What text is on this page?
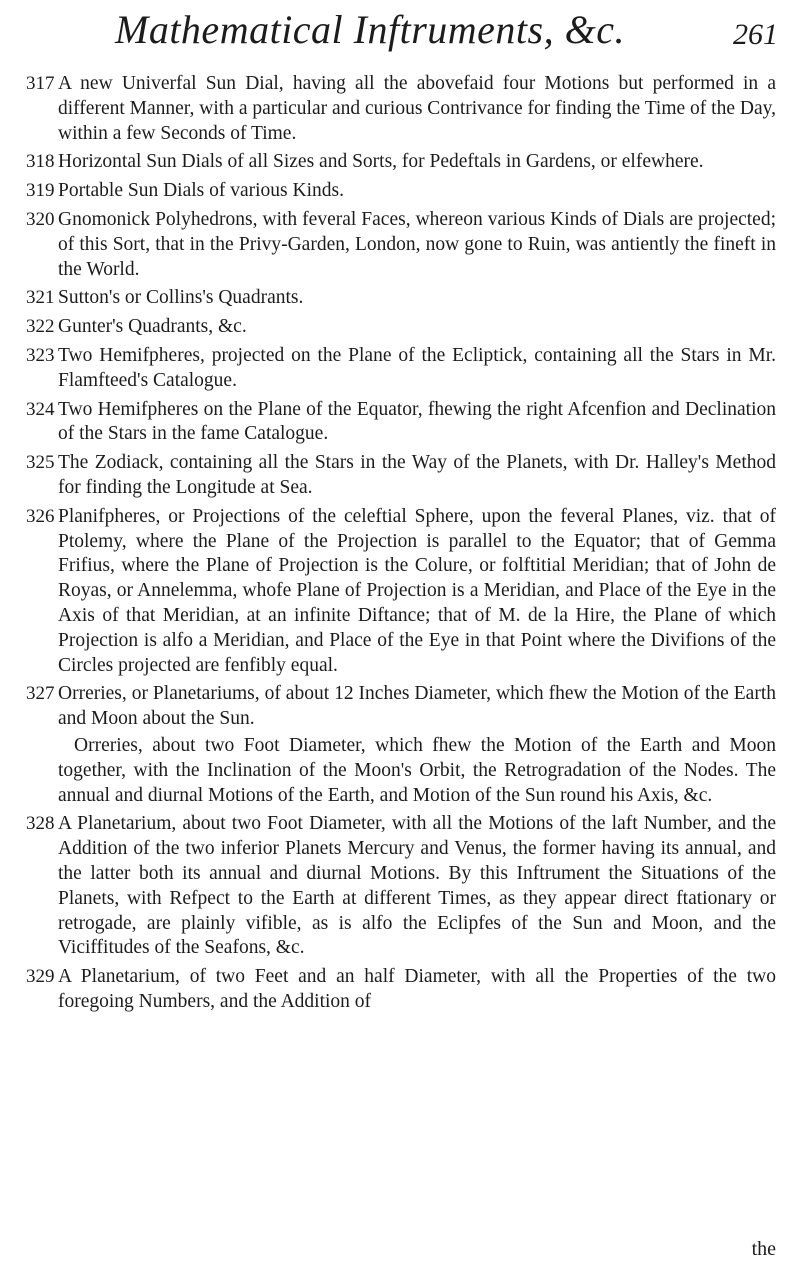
Mathematical Inftruments, &c.	261
317 A new Univerfal Sun Dial, having all the abovefaid four Motions but performed in a different Manner, with a particular and curious Contrivance for finding the Time of the Day, within a few Seconds of Time.
318 Horizontal Sun Dials of all Sizes and Sorts, for Pedeftals in Gardens, or elfewhere.
319 Portable Sun Dials of various Kinds.
320 Gnomonick Polyhedrons, with feveral Faces, whereon various Kinds of Dials are projected; of this Sort, that in the Privy-Garden, London, now gone to Ruin, was antiently the fineft in the World.
321 Sutton's or Collins's Quadrants.
322 Gunter's Quadrants, &c.
323 Two Hemifpheres, projected on the Plane of the Ecliptick, containing all the Stars in Mr. Flamfteed's Catalogue.
324 Two Hemifpheres on the Plane of the Equator, fhewing the right Afcenfion and Declination of the Stars in the fame Catalogue.
325 The Zodiack, containing all the Stars in the Way of the Planets, with Dr. Halley's Method for finding the Longitude at Sea.
326 Planifpheres, or Projections of the celeftial Sphere, upon the feveral Planes, viz. that of Ptolemy, where the Plane of the Projection is parallel to the Equator; that of Gemma Frifius, where the Plane of Projection is the Colure, or folftitial Meridian; that of John de Royas, or Annelemma, whofe Plane of Projection is a Meridian, and Place of the Eye in the Axis of that Meridian, at an infinite Diftance; that of M. de la Hire, the Plane of which Projection is alfo a Meridian, and Place of the Eye in that Point where the Divifions of the Circles projected are fenfibly equal.
327 Orreries, or Planetariums, of about 12 Inches Diameter, which fhew the Motion of the Earth and Moon about the Sun.
Orreries, about two Foot Diameter, which fhew the Motion of the Earth and Moon together, with the Inclination of the Moon's Orbit, the Retrogradation of the Nodes. The annual and diurnal Motions of the Earth, and Motion of the Sun round his Axis, &c.
328 A Planetarium, about two Foot Diameter, with all the Motions of the laft Number, and the Addition of the two inferior Planets Mercury and Venus, the former having its annual, and the latter both its annual and diurnal Motions. By this Inftrument the Situations of the Planets, with Refpect to the Earth at different Times, as they appear direct ftationary or retrogade, are plainly vifible, as is alfo the Eclipfes of the Sun and Moon, and the Viciffitudes of the Seafons, &c.
329 A Planetarium, of two Feet and an half Diameter, with all the Properties of the two foregoing Numbers, and the Addition of
the
